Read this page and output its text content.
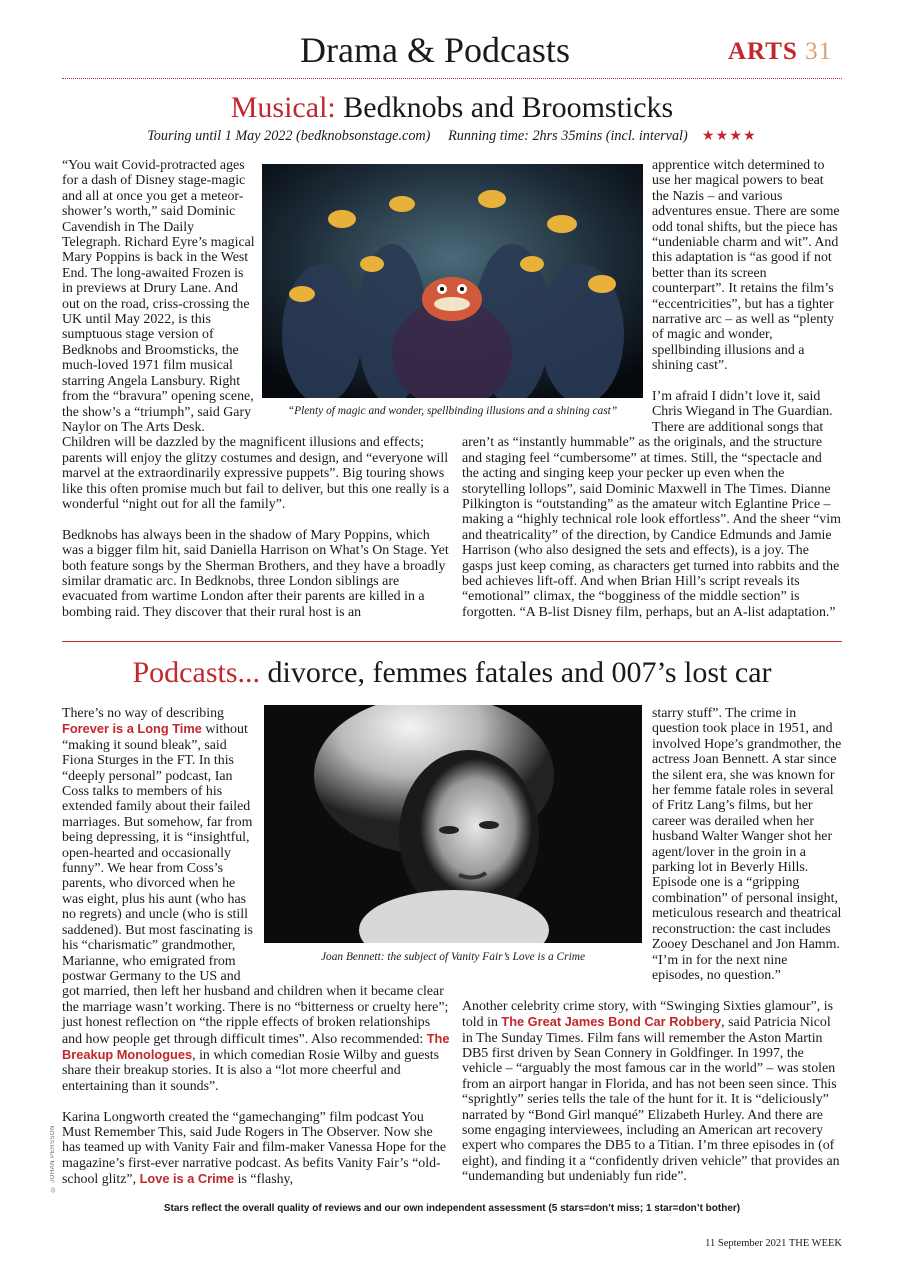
Drama & Podcasts	ARTS 31
Musical: Bedknobs and Broomsticks
Touring until 1 May 2022 (bedknobsonstage.com) Running time: 2hrs 35mins (incl. interval) ★★★★
“Plenty of magic and wonder, spellbinding illusions and a shining cast”

“You wait Covid-protracted ages for a dash of Disney stage-magic and all at once you get a meteor-shower’s worth,” said Dominic Cavendish in The Daily Telegraph. Richard Eyre’s magical Mary Poppins is back in the West End. The long-awaited Frozen is in previews at Drury Lane. And out on the road, criss-crossing the UK until May 2022, is this sumptuous stage version of Bedknobs and Broomsticks, the much-loved 1971 film musical starring Angela Lansbury. Right from the “bravura” opening scene, the show’s a “triumph”, said Gary Naylor on The Arts Desk. Children will be dazzled by the magnificent illusions and effects; parents will enjoy the glitzy costumes and design, and “everyone will marvel at the extraordinarily expressive puppets”. Big touring shows like this often promise much but fail to deliver, but this one really is a wonderful “night out for all the family”.

Bedknobs has always been in the shadow of Mary Poppins, which was a bigger film hit, said Daniella Harrison on What’s On Stage. Yet both feature songs by the Sherman Brothers, and they have a broadly similar dramatic arc. In Bedknobs, three London siblings are evacuated from wartime London after their parents are killed in a bombing raid. They discover that their rural host is an

apprentice witch determined to use her magical powers to beat the Nazis – and various adventures ensue. There are some odd tonal shifts, but the piece has “undeniable charm and wit”. And this adaptation is “as good if not better than its screen counterpart”. It retains the film’s “eccentricities”, but has a tighter narrative arc – as well as “plenty of magic and wonder, spellbinding illusions and a shining cast”.

I’m afraid I didn’t love it, said Chris Wiegand in The Guardian. There are additional songs that aren’t as “instantly hummable” as the originals, and the structure and staging feel “cumbersome” at times. Still, the “spectacle and the acting and singing keep your pecker up even when the storytelling lollops”, said Dominic Maxwell in The Times. Dianne Pilkington is “outstanding” as the amateur witch Eglantine Price – making a “highly technical role look effortless”. And the sheer “vim and theatricality” of the direction, by Candice Edmunds and Jamie Harrison (who also designed the sets and effects), is a joy. The gasps just keep coming, as characters get turned into rabbits and the bed achieves lift-off. And when Brian Hill’s script reveals its “emotional” climax, the “bogginess of the middle section” is forgotten. “A B-list Disney film, perhaps, but an A-list adaptation.”

Podcasts... divorce, femmes fatales and 007’s lost car
Joan Bennett: the subject of Vanity Fair’s Love is a Crime
© JOHAN PERSSON

There’s no way of describing Forever is a Long Time without “making it sound bleak”, said Fiona Sturges in the FT. In this “deeply personal” podcast, Ian Coss talks to members of his extended family about their failed marriages. But somehow, far from being depressing, it is “insightful, open-hearted and occasionally funny”. We hear from Coss’s parents, who divorced when he was eight, plus his aunt (who has no regrets) and uncle (who is still saddened). But most fascinating is his “charismatic” grandmother, Marianne, who emigrated from postwar Germany to the US and got married, then left her husband and children when it became clear the marriage wasn’t working. There is no “bitterness or cruelty here”; just honest reflection on “the ripple effects of broken relationships and how people get through difficult times”. Also recommended: The Breakup Monologues, in which comedian Rosie Wilby and guests share their breakup stories. It is also a “lot more cheerful and entertaining than it sounds”.

Karina Longworth created the “gamechanging” film podcast You Must Remember This, said Jude Rogers in The Observer. Now she has teamed up with Vanity Fair and film-maker Vanessa Hope for the magazine’s first-ever narrative podcast. As befits Vanity Fair’s “old-school glitz”, Love is a Crime is “flashy,

starry stuff”. The crime in question took place in 1951, and involved Hope’s grandmother, the actress Joan Bennett. A star since the silent era, she was known for her femme fatale roles in several of Fritz Lang’s films, but her career was derailed when her husband Walter Wanger shot her agent/lover in the groin in a parking lot in Beverly Hills. Episode one is a “gripping combination” of personal insight, meticulous research and theatrical reconstruction: the cast includes Zooey Deschanel and Jon Hamm. “I’m in for the next nine episodes, no question.”

Another celebrity crime story, with “Swinging Sixties glamour”, is told in The Great James Bond Car Robbery, said Patricia Nicol in The Sunday Times. Film fans will remember the Aston Martin DB5 first driven by Sean Connery in Goldfinger. In 1997, the vehicle – “arguably the most famous car in the world” – was stolen from an airport hangar in Florida, and has not been seen since. This “sprightly” series tells the tale of the hunt for it. It is “deliciously” narrated by “Bond Girl manqué” Elizabeth Hurley. And there are some engaging interviewees, including an American art recovery expert who compares the DB5 to a Titian. I’m three episodes in (of eight), and finding it a “confidently driven vehicle” that provides an “undemanding but undeniably fun ride”.

Stars reflect the overall quality of reviews and our own independent assessment (5 stars=don’t miss; 1 star=don’t bother)
11 September 2021 THE WEEK
